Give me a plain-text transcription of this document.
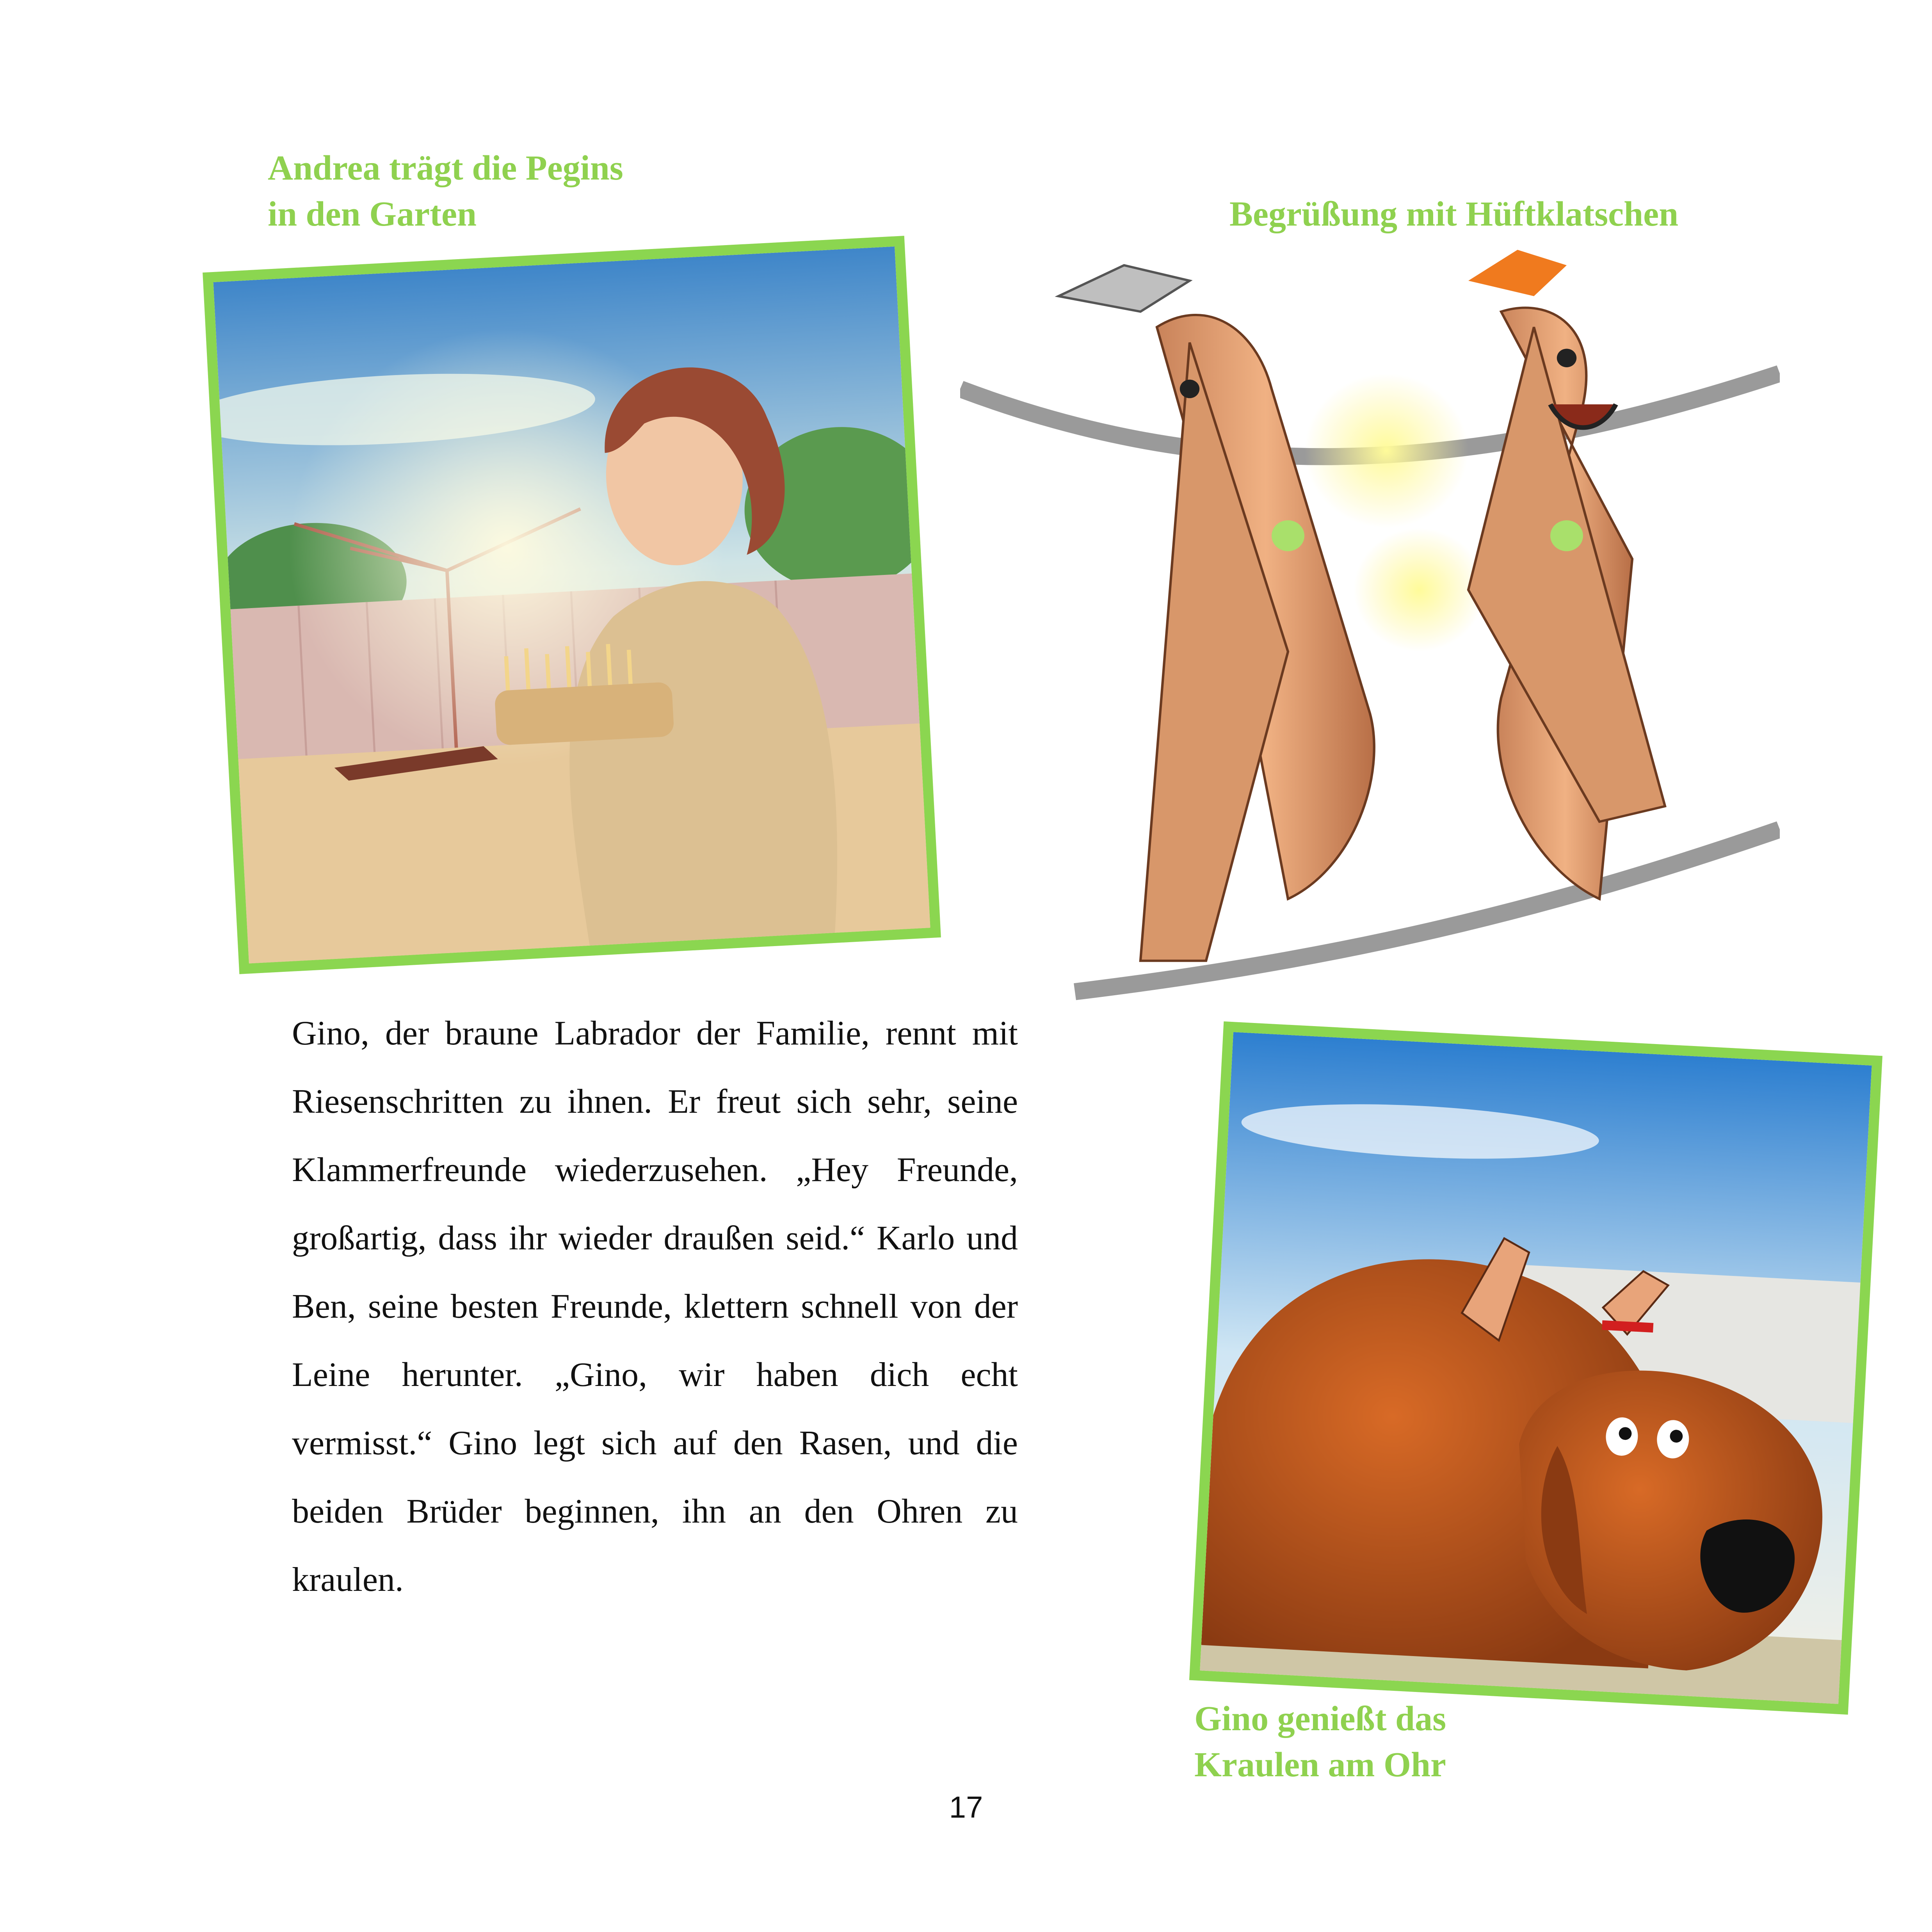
Andrea trägt die Pegins
in den Garten	Begrüßung mit Hüftklatschen

Gino, der braune Labrador der Familie, rennt mit Riesenschritten zu ihnen. Er freut sich sehr, seine Klammerfreunde wiederzusehen. „Hey Freunde, großartig, dass ihr wieder draußen seid.“ Karlo und Ben, seine besten Freunde, klettern schnell von der Leine herunter. „Gino, wir haben dich echt vermisst.“ Gino legt sich auf den Rasen, und die beiden Brüder beginnen, ihn an den Ohren zu kraulen.

Gino genießt das
Kraulen am Ohr
17
